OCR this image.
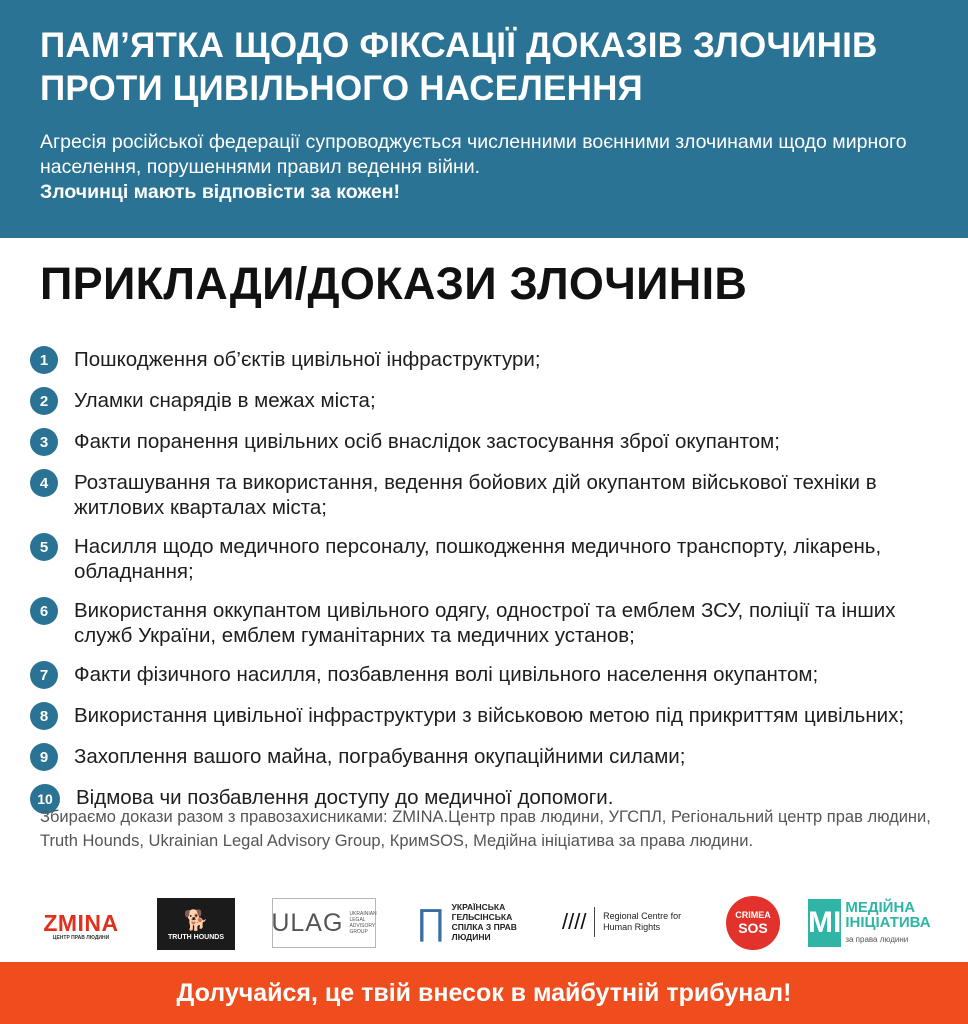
ПАМ’ЯТКА ЩОДО ФІКСАЦІЇ ДОКАЗІВ ЗЛОЧИНІВ ПРОТИ ЦИВІЛЬНОГО НАСЕЛЕННЯ

Агресія російської федерації супроводжується численними воєнними злочинами щодо мирного населення, порушеннями правил ведення війни.

Злочинці мають відповісти за кожен!

ПРИКЛАДИ/ДОКАЗИ ЗЛОЧИНІВ
1	Пошкодження об’єктів цивільної інфраструктури;
2	Уламки снарядів в межах міста;
3	Факти поранення цивільних осіб внаслідок застосування зброї окупантом;
4	Розташування та використання, ведення бойових дій окупантом військової техніки в житлових кварталах міста;
5	Насилля щодо медичного персоналу, пошкодження медичного транспорту, лікарень, обладнання;
6	Використання оккупантом цивільного одягу, однострої та емблем ЗСУ, поліції та інших служб України, емблем гуманітарних та медичних установ;
7	Факти фізичного насилля, позбавлення волі цивільного населення окупантом;
8	Використання цивільної інфраструктури з військовою метою під прикриттям цивільних;
9	Захоплення вашого майна, пограбування окупаційними силами;
10	Відмова чи позбавлення доступу до медичної допомоги.

Збираємо докази разом з правозахисниками: ZMINA.Центр прав людини, УГСПЛ, Регіональний центр прав людини, Truth Hounds, Ukrainian Legal Advisory Group, КримSOS, Медійна ініціатива за права людини.

ZMINA
ЦЕНТР ПРАВ ЛЮДИНИ
🐕
TRUTH HOUNDS
ULAG UKRAINIAN LEGAL ADVISORY GROUP ∏ УКРАЇНСЬКА ГЕЛЬСІНСЬКА СПІЛКА З ПРАВ ЛЮДИНИ
//// Regional Centre for Human Rights
CRIMEA
SOS MI МЕДІЙНА ІНІЦІАТИВА
за права людини
Долучайся, це твій внесок в майбутній трибунал!
